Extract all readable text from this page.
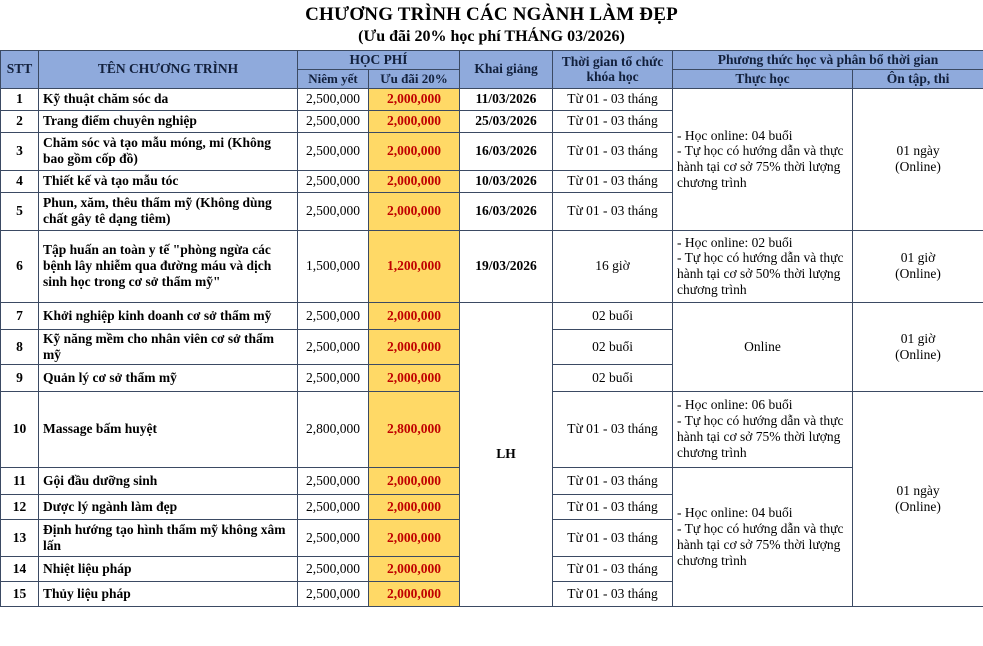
CHƯƠNG TRÌNH CÁC NGÀNH LÀM ĐẸP
(Ưu đãi 20% học phí THÁNG 03/2026)
STT	TÊN CHƯƠNG TRÌNH	HỌC PHÍ		Khai giảng	Thời gian tổ chức khóa học	Phương thức học và phân bổ thời gian	
		Niêm yết	Ưu đãi 20%			Thực học	Ôn tập, thi
1	Kỹ thuật chăm sóc da	2,500,000	2,000,000	11/03/2026	Từ 01 - 03 tháng	- Học online: 04 buổi
- Tự học có hướng dẫn và thực hành tại cơ sở 75% thời lượng chương trình	01 ngày
(Online)

2	Trang điểm chuyên nghiệp	2,500,000	2,000,000	25/03/2026	Từ 01 - 03 tháng		
3	Chăm sóc và tạo mẫu móng, mi (Không bao gồm cốp đồ)	2,500,000	2,000,000	16/03/2026	Từ 01 - 03 tháng		
4	Thiết kế và tạo mẫu tóc	2,500,000	2,000,000	10/03/2026	Từ 01 - 03 tháng		
5	Phun, xăm, thêu thẩm mỹ (Không dùng chất gây tê dạng tiêm)	2,500,000	2,000,000	16/03/2026	Từ 01 - 03 tháng		
6	Tập huấn an toàn y tế "phòng ngừa các bệnh lây nhiễm qua đường máu và dịch sinh học trong cơ sở thẩm mỹ"	1,500,000	1,200,000	19/03/2026	16 giờ	- Học online: 02 buổi
- Tự học có hướng dẫn và thực hành tại cơ sở 50% thời lượng chương trình	01 giờ
(Online)

7	Khởi nghiệp kinh doanh cơ sở thẩm mỹ	2,500,000	2,000,000	LH	02 buổi	Online	01 giờ
(Online)

8	Kỹ năng mềm cho nhân viên cơ sở thẩm mỹ	2,500,000	2,000,000		02 buổi		
9	Quản lý cơ sở thẩm mỹ	2,500,000	2,000,000		02 buổi		
10	Massage bấm huyệt	2,800,000	2,800,000		Từ 01 - 03 tháng	- Học online: 06 buổi
- Tự học có hướng dẫn và thực hành tại cơ sở 75% thời lượng chương trình	01 ngày
(Online)

11	Gội đầu dưỡng sinh	2,500,000	2,000,000		Từ 01 - 03 tháng	- Học online: 04 buổi
- Tự học có hướng dẫn và thực hành tại cơ sở 75% thời lượng chương trình	

12	Dược lý ngành làm đẹp	2,500,000	2,000,000		Từ 01 - 03 tháng		
13	Định hướng tạo hình thẩm mỹ không xâm lấn	2,500,000	2,000,000		Từ 01 - 03 tháng		
14	Nhiệt liệu pháp	2,500,000	2,000,000		Từ 01 - 03 tháng		
15	Thủy liệu pháp	2,500,000	2,000,000		Từ 01 - 03 tháng		
